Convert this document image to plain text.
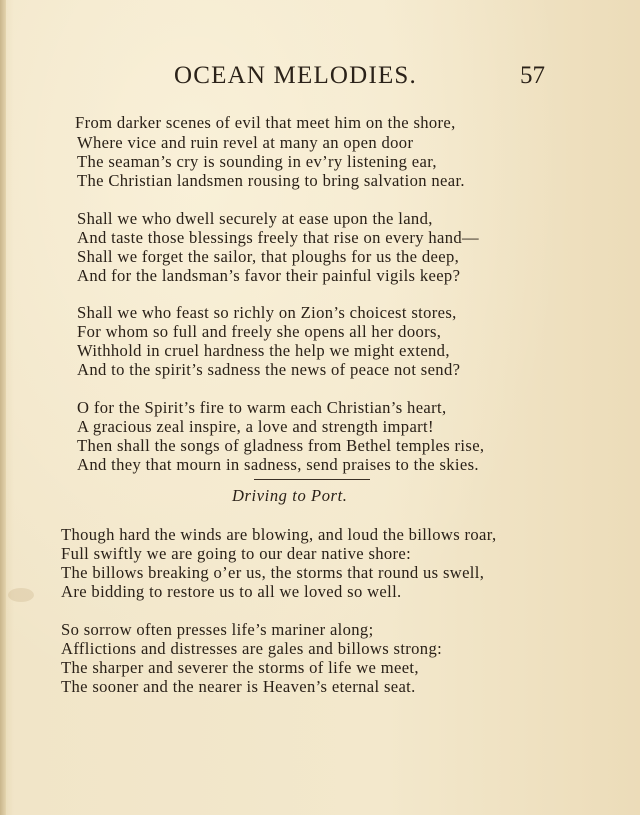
OCEAN MELODIES.	57
From darker scenes of evil that meet him on the shore,
Where vice and ruin revel at many an open door
The seaman’s cry is sounding in ev’ry listening ear,
The Christian landsmen rousing to bring salvation near.
Shall we who dwell securely at ease upon the land,
And taste those blessings freely that rise on every hand—
Shall we forget the sailor, that ploughs for us the deep,
And for the landsman’s favor their painful vigils keep?
Shall we who feast so richly on Zion’s choicest stores,
For whom so full and freely she opens all her doors,
Withhold in cruel hardness the help we might extend,
And to the spirit’s sadness the news of peace not send?
O for the Spirit’s fire to warm each Christian’s heart,
A gracious zeal inspire, a love and strength impart!
Then shall the songs of gladness from Bethel temples rise,
And they that mourn in sadness, send praises to the skies.
Driving to Port.
Though hard the winds are blowing, and loud the billows roar,
Full swiftly we are going to our dear native shore:
The billows breaking o’er us, the storms that round us swell,
Are bidding to restore us to all we loved so well.
So sorrow often presses life’s mariner along;
Afflictions and distresses are gales and billows strong:
The sharper and severer the storms of life we meet,
The sooner and the nearer is Heaven’s eternal seat.
